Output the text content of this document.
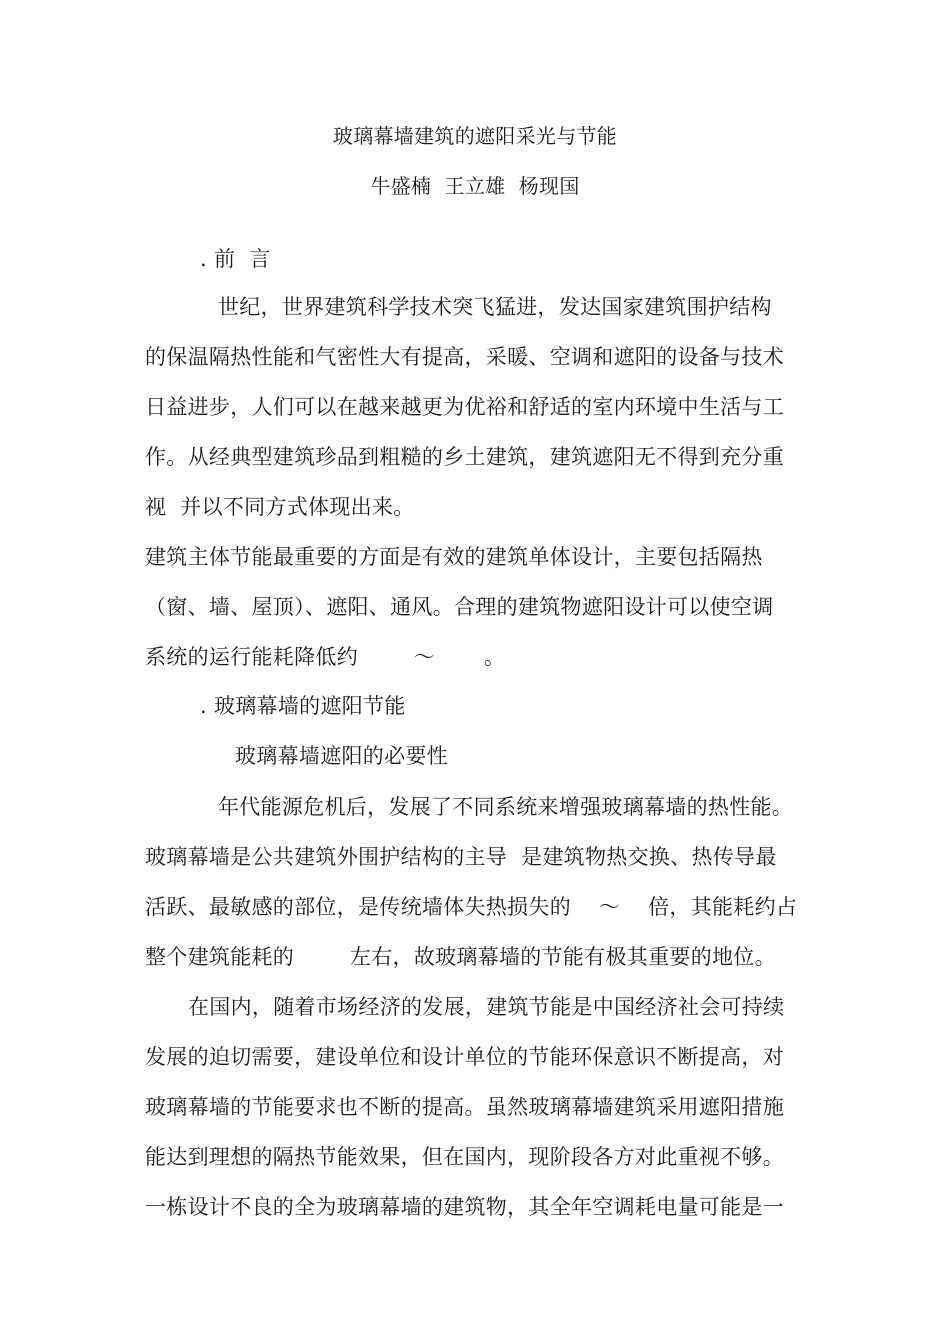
玻璃幕墙建筑的遮阳采光与节能
牛盛楠  王立雄  杨现国
. 前  言
世纪，世界建筑科学技术突飞猛进，发达国家建筑围护结构
的保温隔热性能和气密性大有提高，采暖、空调和遮阳的设备与技术
日益进步，人们可以在越来越更为优裕和舒适的室内环境中生活与工
作。从经典型建筑珍品到粗糙的乡土建筑，建筑遮阳无不得到充分重
视  并以不同方式体现出来。
建筑主体节能最重要的方面是有效的建筑单体设计，主要包括隔热
（窗、墙、屋顶）、遮阳、通风。合理的建筑物遮阳设计可以使空调
系统的运行能耗降低约        ～       。
. 玻璃幕墙的遮阳节能
玻璃幕墙遮阳的必要性
年代能源危机后，发展了不同系统来增强玻璃幕墙的热性能。
玻璃幕墙是公共建筑外围护结构的主导  是建筑物热交换、热传导最
活跃、最敏感的部位，是传统墙体失热损失的    ～    倍，其能耗约占
整个建筑能耗的        左右，故玻璃幕墙的节能有极其重要的地位。
在国内，随着市场经济的发展，建筑节能是中国经济社会可持续
发展的迫切需要，建设单位和设计单位的节能环保意识不断提高，对
玻璃幕墙的节能要求也不断的提高。虽然玻璃幕墙建筑采用遮阳措施
能达到理想的隔热节能效果，但在国内，现阶段各方对此重视不够。
一栋设计不良的全为玻璃幕墙的建筑物，其全年空调耗电量可能是一
